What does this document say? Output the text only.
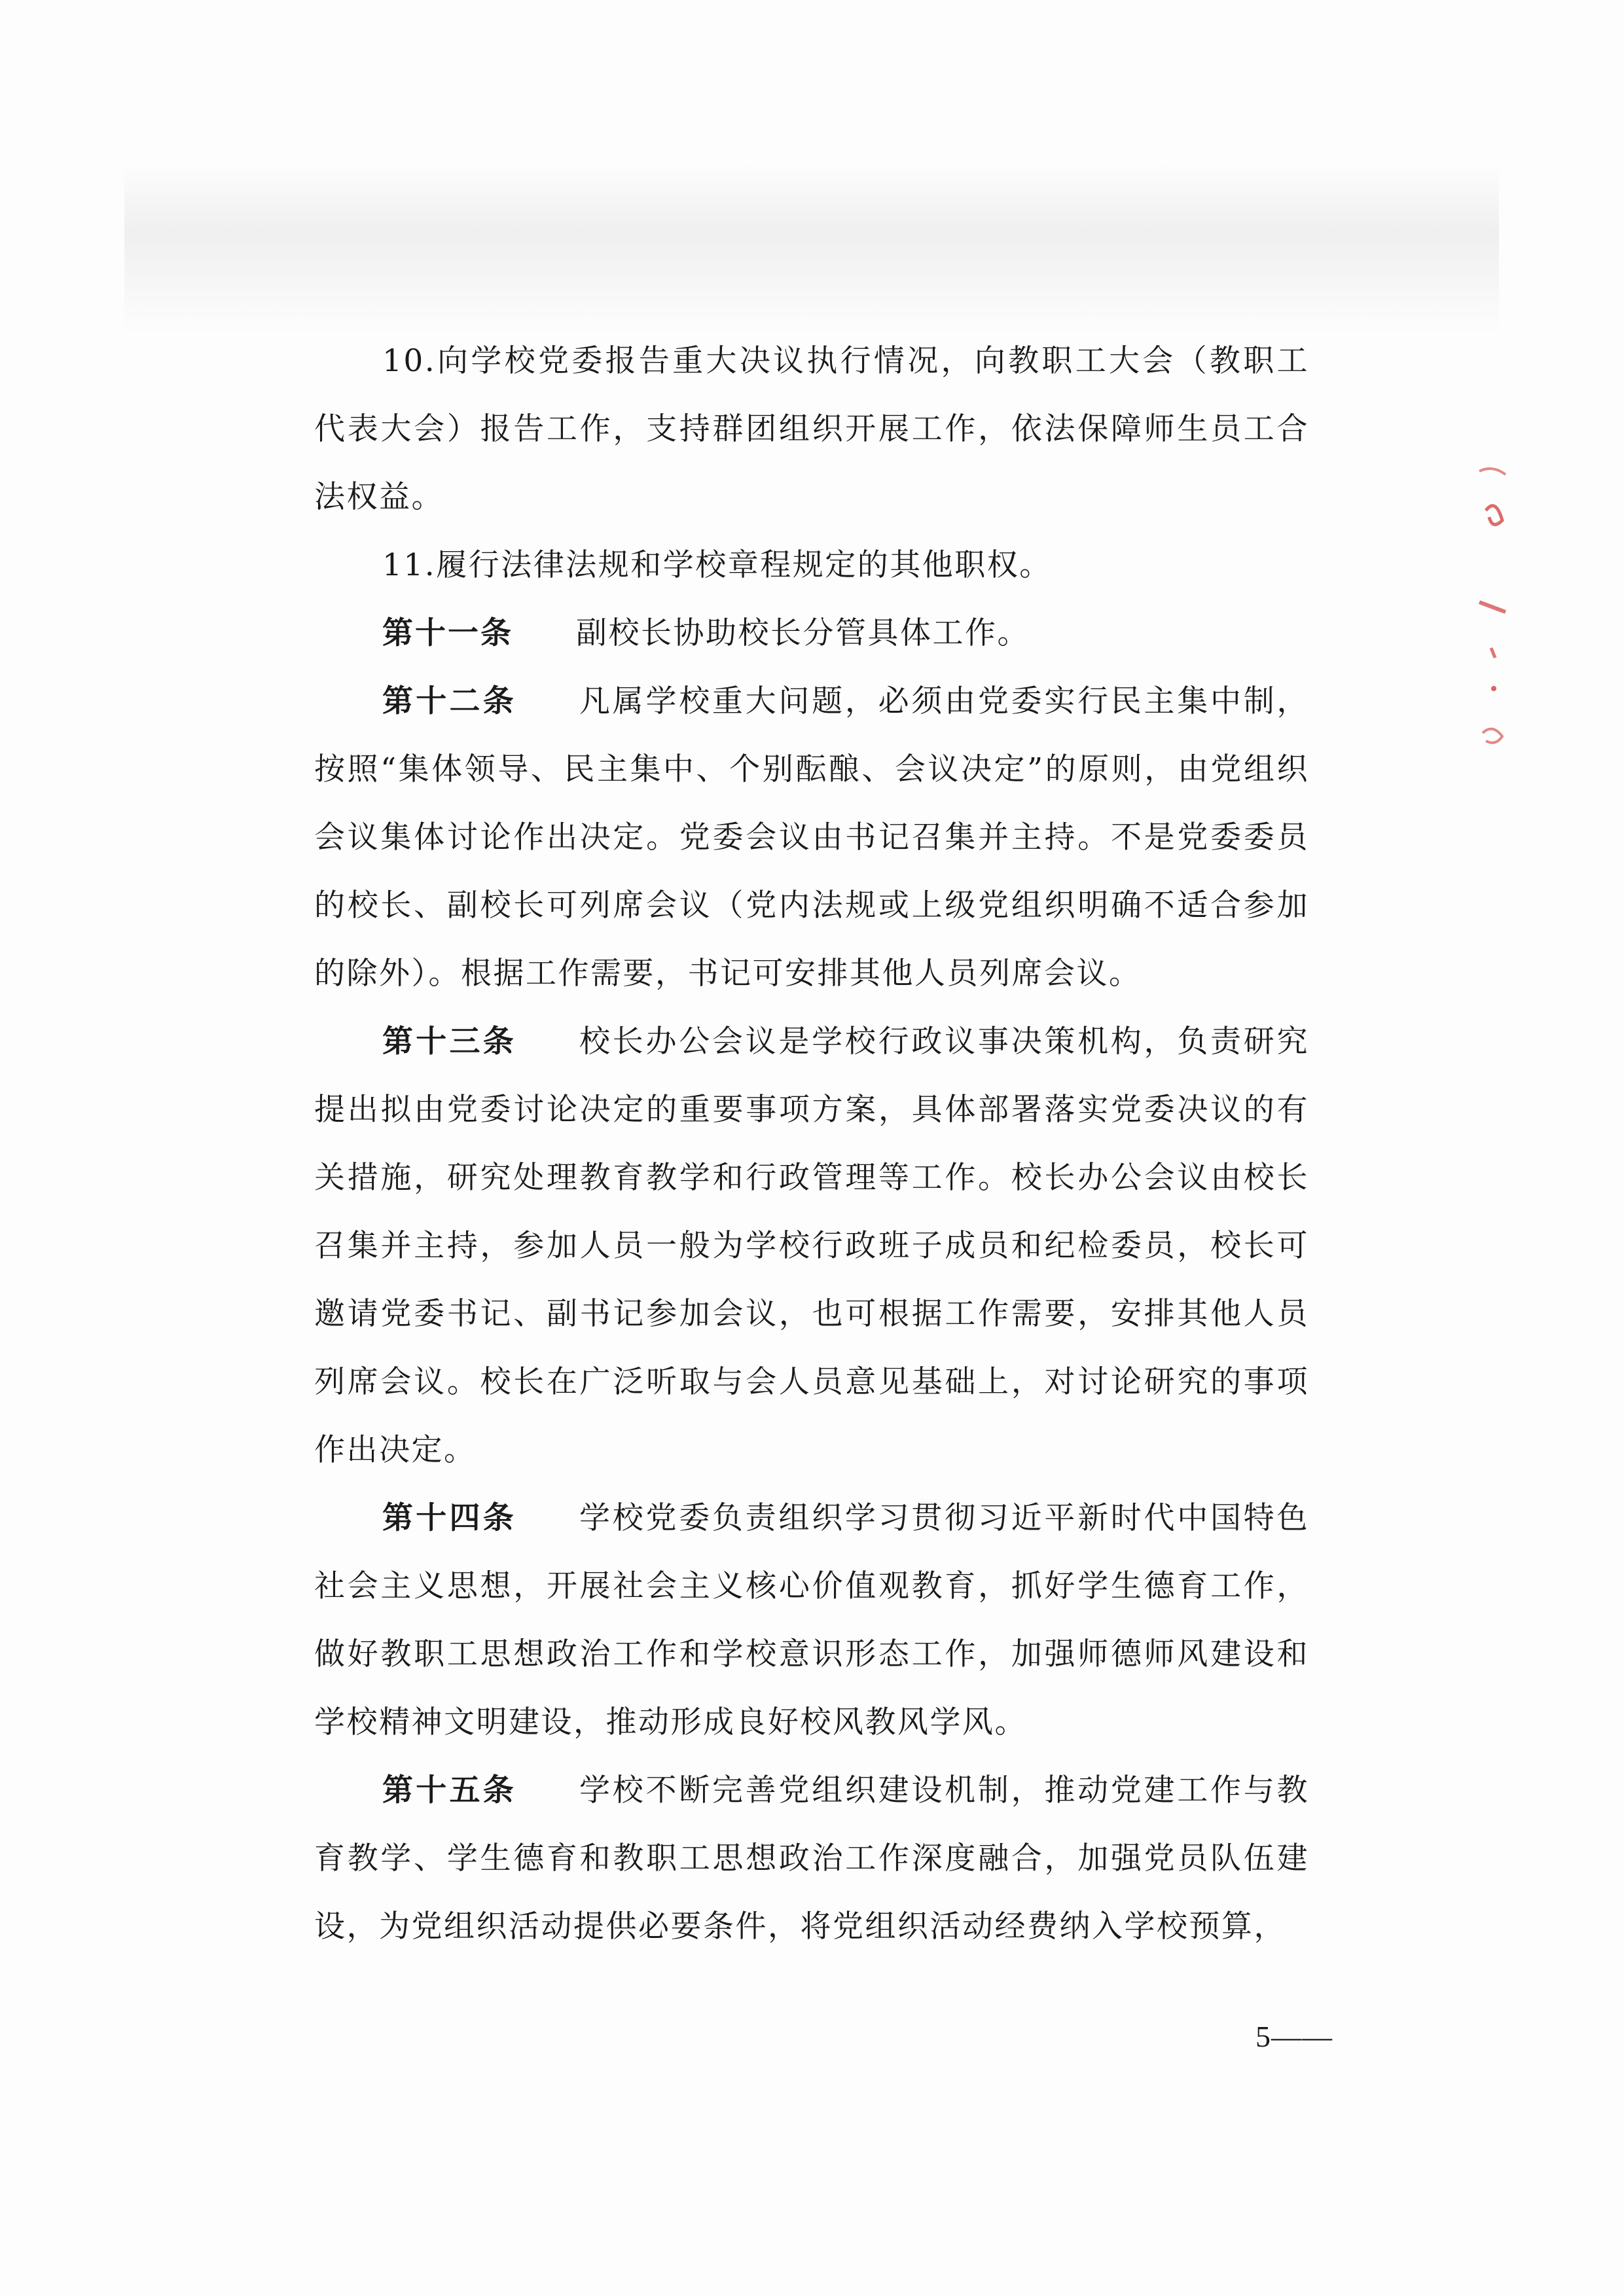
10.向学校党委报告重大决议执行情况，向教职工大会（教职工代表大会）报告工作，支持群团组织开展工作，依法保障师生员工合法权益。

11.履行法律法规和学校章程规定的其他职权。

第十一条 副校长协助校长分管具体工作。

第十二条 凡属学校重大问题，必须由党委实行民主集中制，按照“集体领导、民主集中、个别酝酿、会议决定”的原则，由党组织会议集体讨论作出决定。党委会议由书记召集并主持。不是党委委员的校长、副校长可列席会议（党内法规或上级党组织明确不适合参加的除外）。根据工作需要，书记可安排其他人员列席会议。

第十三条 校长办公会议是学校行政议事决策机构，负责研究提出拟由党委讨论决定的重要事项方案，具体部署落实党委决议的有关措施，研究处理教育教学和行政管理等工作。校长办公会议由校长召集并主持，参加人员一般为学校行政班子成员和纪检委员，校长可邀请党委书记、副书记参加会议，也可根据工作需要，安排其他人员列席会议。校长在广泛听取与会人员意见基础上，对讨论研究的事项作出决定。

第十四条 学校党委负责组织学习贯彻习近平新时代中国特色社会主义思想，开展社会主义核心价值观教育，抓好学生德育工作，做好教职工思想政治工作和学校意识形态工作，加强师德师风建设和学校精神文明建设，推动形成良好校风教风学风。

第十五条 学校不断完善党组织建设机制，推动党建工作与教育教学、学生德育和教职工思想政治工作深度融合，加强党员队伍建设，为党组织活动提供必要条件，将党组织活动经费纳入学校预算，

5——
